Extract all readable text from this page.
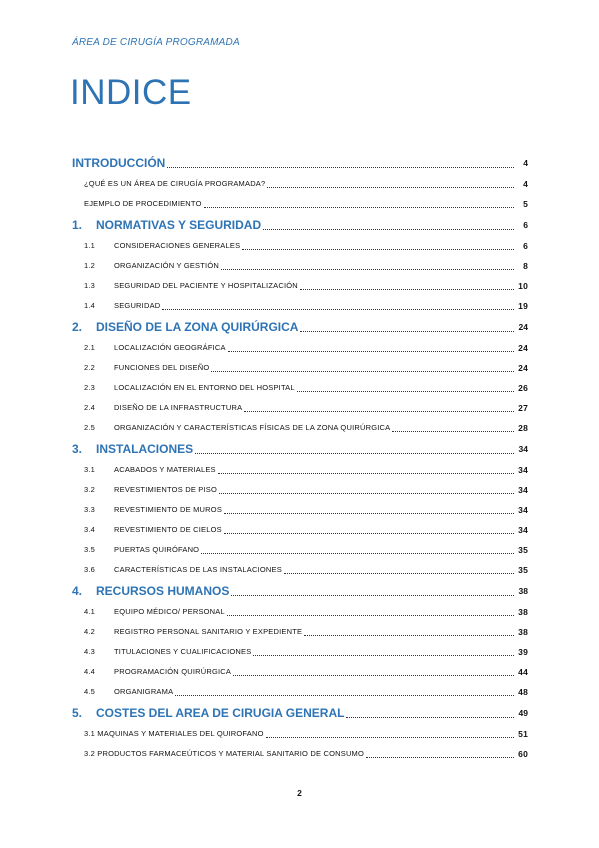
ÁREA DE CIRUGÍA PROGRAMADA
INDICE
INTRODUCCIÓN	4
¿QUÉ ES UN ÁREA DE CIRUGÍA PROGRAMADA?	4
EJEMPLO DE PROCEDIMIENTO	5
1. NORMATIVAS Y SEGURIDAD	6
1.1	CONSIDERACIONES GENERALES	6
1.2	ORGANIZACIÓN Y GESTIÓN	8
1.3	SEGURIDAD DEL PACIENTE Y HOSPITALIZACIÓN	10
1.4	SEGURIDAD	19
2. DISEÑO DE LA ZONA QUIRÚRGICA	24
2.1	LOCALIZACIÓN GEOGRÁFICA	24
2.2	FUNCIONES DEL DISEÑO	24
2.3	LOCALIZACIÓN EN EL ENTORNO DEL HOSPITAL	26
2.4	DISEÑO DE LA INFRASTRUCTURA	27
2.5	ORGANIZACIÓN Y CARACTERÍSTICAS FÍSICAS DE LA ZONA QUIRÚRGICA	28
3. INSTALACIONES	34
3.1	ACABADOS Y MATERIALES	34
3.2	REVESTIMIENTOS DE PISO	34
3.3	REVESTIMIENTO DE MUROS	34
3.4	REVESTIMIENTO DE CIELOS	34
3.5	PUERTAS QUIRÓFANO	35
3.6	CARACTERÍSTICAS DE LAS INSTALACIONES	35
4. RECURSOS HUMANOS	38
4.1	EQUIPO MÉDICO/ PERSONAL	38
4.2	REGISTRO PERSONAL SANITARIO Y EXPEDIENTE	38
4.3	TITULACIONES Y CUALIFICACIONES	39
4.4	PROGRAMACIÓN QUIRÚRGICA	44
4.5	ORGANIGRAMA	48
5. COSTES DEL AREA DE CIRUGIA GENERAL	49
3.1 MAQUINAS Y MATERIALES DEL QUIROFANO	51
3.2 PRODUCTOS FARMACEÚTICOS Y MATERIAL SANITARIO DE CONSUMO	60
2
